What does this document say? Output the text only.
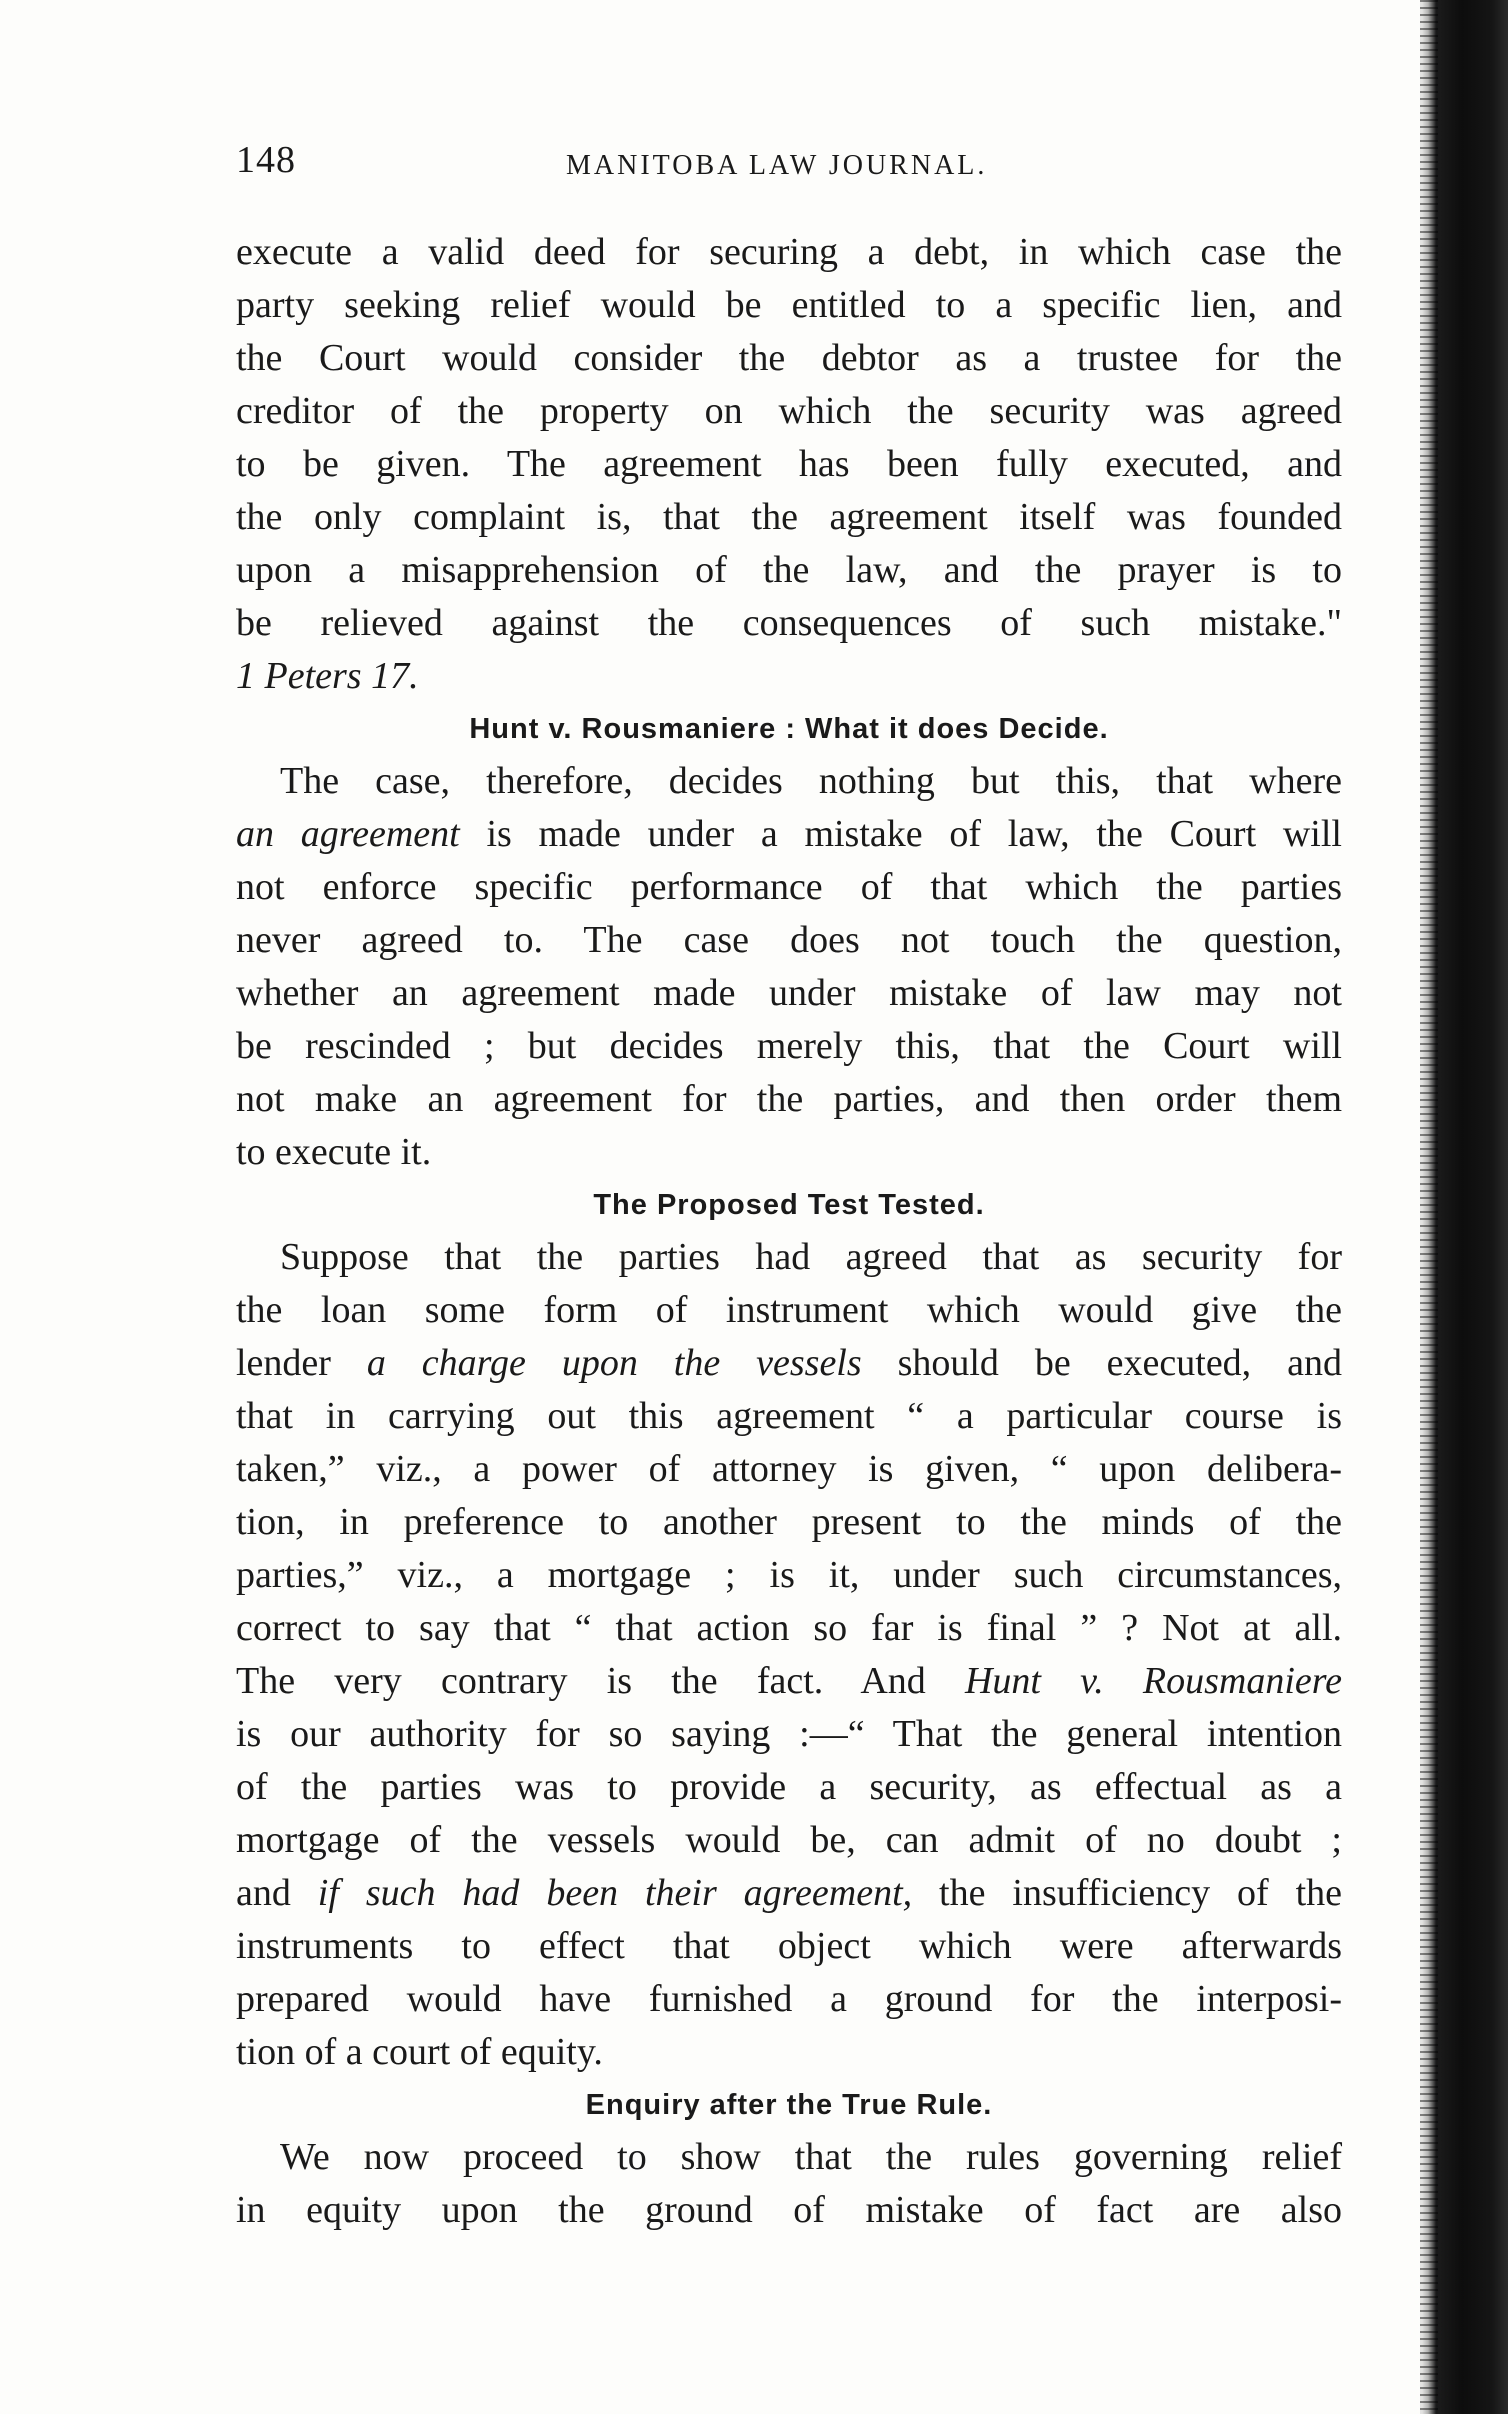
148	MANITOBA LAW JOURNAL.
execute a valid deed for securing a debt, in which case the
party seeking relief would be entitled to a specific lien, and
the Court would consider the debtor as a trustee for the
creditor of the property on which the security was agreed
to be given. The agreement has been fully executed, and
the only complaint is, that the agreement itself was founded
upon a misapprehension of the law, and the prayer is to
be relieved against the consequences of such mistake."
1 Peters 17.
Hunt v. Rousmaniere : What it does Decide.
The case, therefore, decides nothing but this, that where
an agreement is made under a mistake of law, the Court will
not enforce specific performance of that which the parties
never agreed to. The case does not touch the question,
whether an agreement made under mistake of law may not
be rescinded ; but decides merely this, that the Court will
not make an agreement for the parties, and then order them
to execute it.
The Proposed Test Tested.
Suppose that the parties had agreed that as security for
the loan some form of instrument which would give the
lender a charge upon the vessels should be executed, and
that in carrying out this agreement “ a particular course is
taken,” viz., a power of attorney is given, “ upon delibera-
tion, in preference to another present to the minds of the
parties,” viz., a mortgage ; is it, under such circumstances,
correct to say that “ that action so far is final ” ? Not at all.
The very contrary is the fact. And Hunt v. Rousmaniere
is our authority for so saying :—“ That the general intention
of the parties was to provide a security, as effectual as a
mortgage of the vessels would be, can admit of no doubt ;
and if such had been their agreement, the insufficiency of the
instruments to effect that object which were afterwards
prepared would have furnished a ground for the interposi-
tion of a court of equity.
Enquiry after the True Rule.
We now proceed to show that the rules governing relief
in equity upon the ground of mistake of fact are also
